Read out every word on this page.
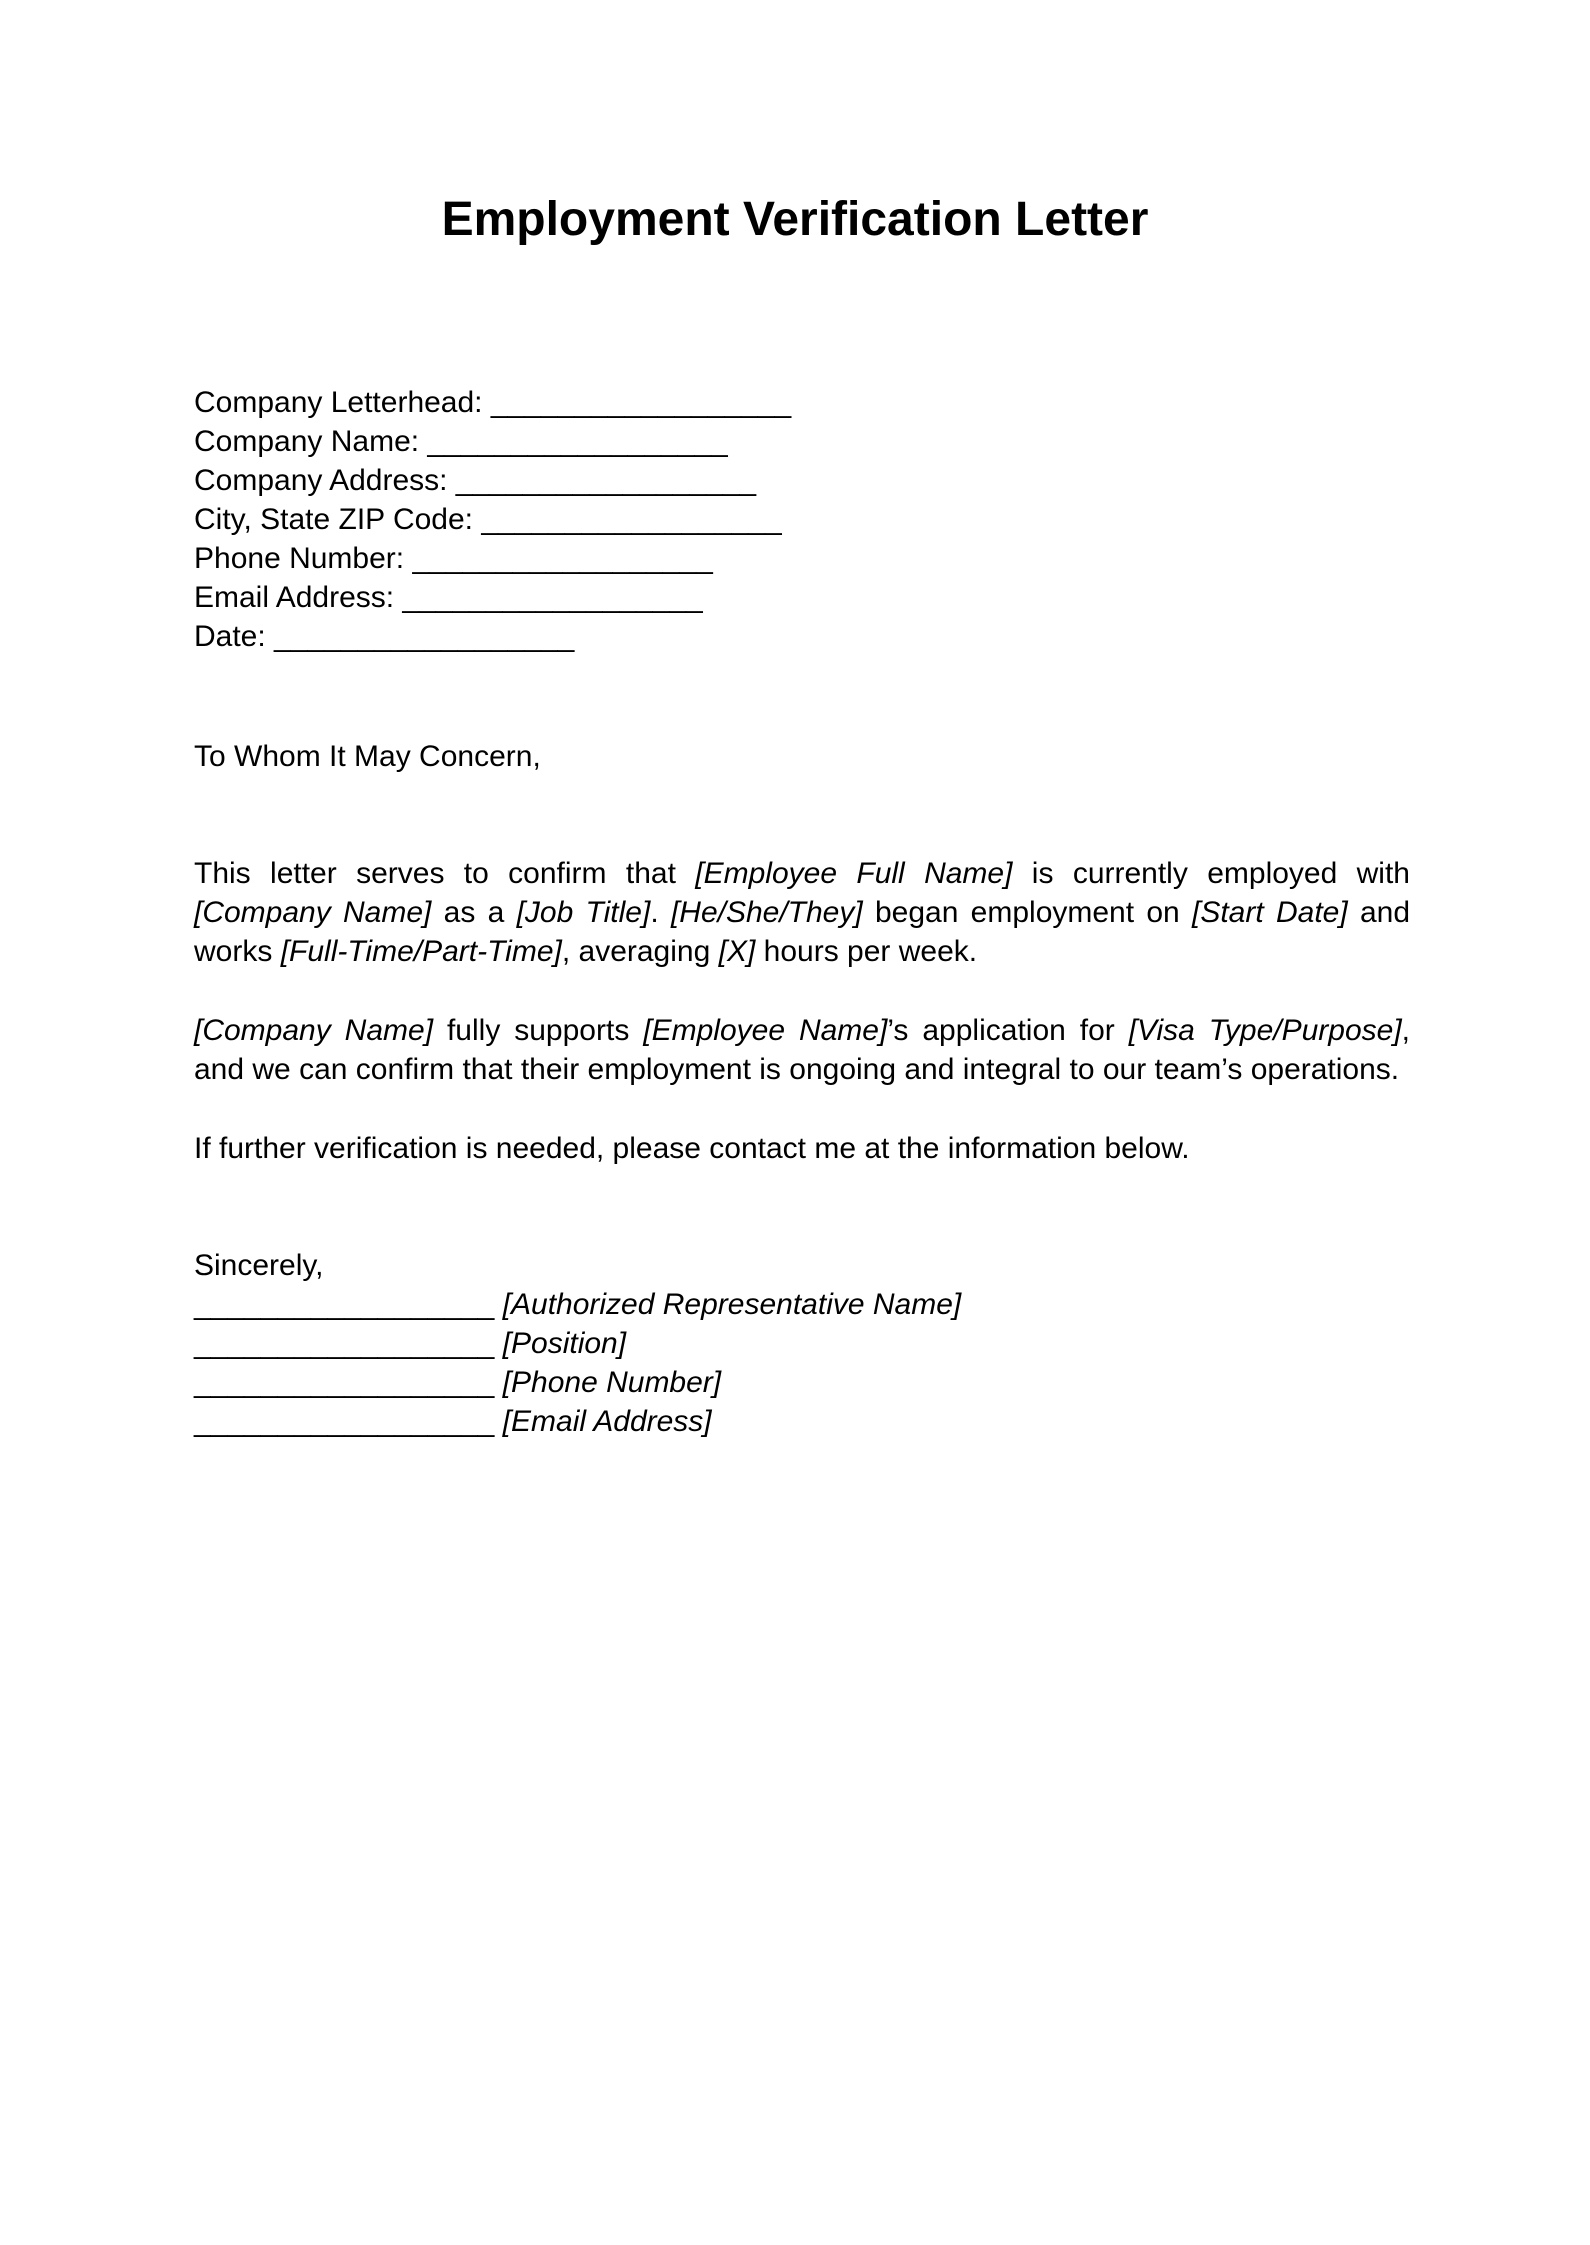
Employment Verification Letter
Company Letterhead: __________________
Company Name: __________________
Company Address: __________________
City, State ZIP Code: __________________
Phone Number: __________________
Email Address: __________________
Date: __________________
To Whom It May Concern,

This letter serves to confirm that [Employee Full Name] is currently employed with [Company Name] as a [Job Title]. [He/She/They] began employment on [Start Date] and works [Full-Time/Part-Time], averaging [X] hours per week.

[Company Name] fully supports [Employee Name]’s application for [Visa Type/Purpose], and we can confirm that their employment is ongoing and integral to our team’s operations.

If further verification is needed, please contact me at the information below.

Sincerely,
__________________ [Authorized Representative Name]
__________________ [Position]
__________________ [Phone Number]
__________________ [Email Address]
